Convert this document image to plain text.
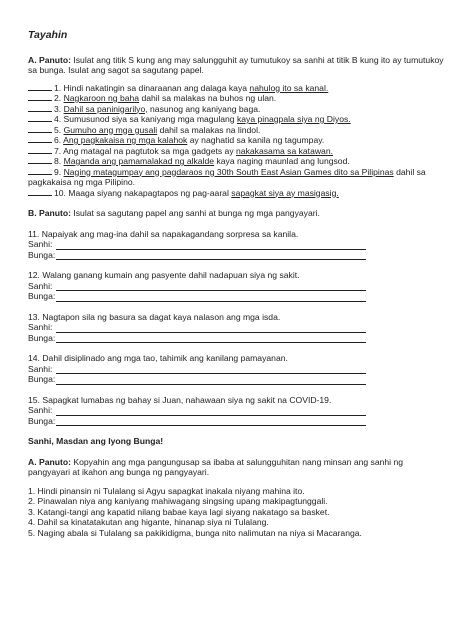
Tayahin
A. Panuto: Isulat ang titik S kung ang may salungguhit ay tumutukoy sa sanhi at titik B kung ito ay tumutukoy sa bunga. Isulat ang sagot sa sagutang papel.
1. Hindi nakatingin sa dinaraanan ang dalaga kaya nahulog ito sa kanal.
2. Nagkaroon ng baha dahil sa malakas na buhos ng ulan.
3. Dahil sa paninigarilyo, nasunog ang kaniyang baga.
4. Sumusunod siya sa kaniyang mga magulang kaya pinagpala siya ng Diyos.
5. Gumuho ang mga gusali dahil sa malakas na lindol.
6. Ang pagkakaisa ng mga kalahok ay naghatid sa kanila ng tagumpay.
7. Ang matagal na pagtutok sa mga gadgets ay nakakasama sa katawan.
8. Maganda ang pamamalakad ng alkalde kaya naging maunlad ang lungsod.
9. Naging matagumpay ang pagdaraos ng 30th South East Asian Games dito sa Pilipinas dahil sa pagkakaisa ng mga Pilipino.
10. Maaga siyang nakapagtapos ng pag-aaral sapagkat siya ay masigasig.
B. Panuto: Isulat sa sagutang papel ang sanhi at bunga ng mga pangyayari.
11. Napaiyak ang mag-ina dahil sa napakagandang sorpresa sa kanila.
Sanhi:
Bunga:
12. Walang ganang kumain ang pasyente dahil nadapuan siya ng sakit.
Sanhi:
Bunga:
13. Nagtapon sila ng basura sa dagat kaya nalason ang mga isda.
Sanhi:
Bunga:
14. Dahil disiplinado ang mga tao, tahimik ang kanilang pamayanan.
Sanhi:
Bunga:
15. Sapagkat lumabas ng bahay si Juan, nahawaan siya ng sakit na COVID-19.
Sanhi:
Bunga:
Sanhi, Masdan ang Iyong Bunga!
A. Panuto: Kopyahin ang mga pangungusap sa ibaba at salungguhitan nang minsan ang sanhi ng pangyayari at ikahon ang bunga ng pangyayari.
1. Hindi pinansin ni Tulalang si Agyu sapagkat inakala niyang mahina ito.
2. Pinawalan niya ang kaniyang mahiwagang singsing upang makipagtunggali.
3. Katangi-tangi ang kapatid nilang babae kaya lagi siyang nakatago sa basket.
4. Dahil sa kinatatakutan ang higante, hinanap siya ni Tulalang.
5. Naging abala si Tulalang sa pakikidigma, bunga nito nalimutan na niya si Macaranga.
